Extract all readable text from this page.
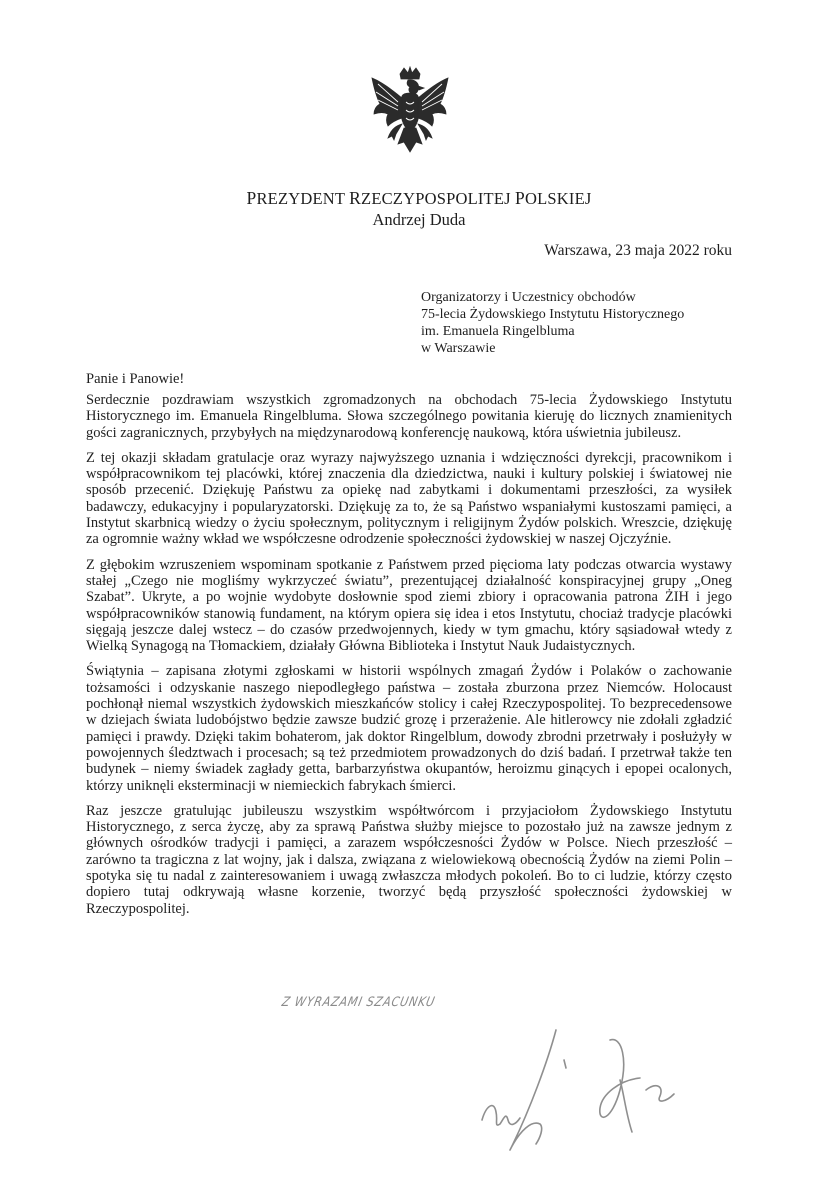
PREZYDENT RZECZYPOSPOLITEJ POLSKIEJ
Andrzej Duda
Warszawa, 23 maja 2022 roku
Organizatorzy i Uczestnicy obchodów
75-lecia Żydowskiego Instytutu Historycznego
im. Emanuela Ringelbluma
w Warszawie
Panie i Panowie!

Serdecznie pozdrawiam wszystkich zgromadzonych na obchodach 75-lecia Żydowskiego Instytutu Historycznego im. Emanuela Ringelbluma. Słowa szczególnego powitania kieruję do licznych znamienitych gości zagranicznych, przybyłych na międzynarodową konferencję naukową, która uświetnia jubileusz.

Z tej okazji składam gratulacje oraz wyrazy najwyższego uznania i wdzięczności dyrekcji, pracownikom i współpracownikom tej placówki, której znaczenia dla dziedzictwa, nauki i kultury polskiej i światowej nie sposób przecenić. Dziękuję Państwu za opiekę nad zabytkami i dokumentami przeszłości, za wysiłek badawczy, edukacyjny i popularyzatorski. Dziękuję za to, że są Państwo wspaniałymi kustoszami pamięci, a Instytut skarbnicą wiedzy o życiu społecznym, politycznym i religijnym Żydów polskich. Wreszcie, dziękuję za ogromnie ważny wkład we współczesne odrodzenie społeczności żydowskiej w naszej Ojczyźnie.

Z głębokim wzruszeniem wspominam spotkanie z Państwem przed pięcioma laty podczas otwarcia wystawy stałej „Czego nie mogliśmy wykrzyczeć światu”, prezentującej działalność konspiracyjnej grupy „Oneg Szabat”. Ukryte, a po wojnie wydobyte dosłownie spod ziemi zbiory i opracowania patrona ŻIH i jego współpracowników stanowią fundament, na którym opiera się idea i etos Instytutu, chociaż tradycje placówki sięgają jeszcze dalej wstecz – do czasów przedwojennych, kiedy w tym gmachu, który sąsiadował wtedy z Wielką Synagogą na Tłomackiem, działały Główna Biblioteka i Instytut Nauk Judaistycznych.

Świątynia – zapisana złotymi zgłoskami w historii wspólnych zmagań Żydów i Polaków o zachowanie tożsamości i odzyskanie naszego niepodległego państwa – została zburzona przez Niemców. Holocaust pochłonął niemal wszystkich żydowskich mieszkańców stolicy i całej Rzeczypospolitej. To bezprecedensowe w dziejach świata ludobójstwo będzie zawsze budzić grozę i przerażenie. Ale hitlerowcy nie zdołali zgładzić pamięci i prawdy. Dzięki takim bohaterom, jak doktor Ringelblum, dowody zbrodni przetrwały i posłużyły w powojennych śledztwach i procesach; są też przedmiotem prowadzonych do dziś badań. I przetrwał także ten budynek – niemy świadek zagłady getta, barbarzyństwa okupantów, heroizmu ginących i epopei ocalonych, którzy uniknęli eksterminacji w niemieckich fabrykach śmierci.

Raz jeszcze gratulując jubileuszu wszystkim współtwórcom i przyjaciołom Żydowskiego Instytutu Historycznego, z serca życzę, aby za sprawą Państwa służby miejsce to pozostało już na zawsze jednym z głównych ośrodków tradycji i pamięci, a zarazem współczesności Żydów w Polsce. Niech przeszłość – zarówno ta tragiczna z lat wojny, jak i dalsza, związana z wielowiekową obecnością Żydów na ziemi Polin – spotyka się tu nadal z zainteresowaniem i uwagą zwłaszcza młodych pokoleń. Bo to ci ludzie, którzy często dopiero tutaj odkrywają własne korzenie, tworzyć będą przyszłość społeczności żydowskiej w Rzeczypospolitej.

Z WYRAZAMI SZACUNKU
